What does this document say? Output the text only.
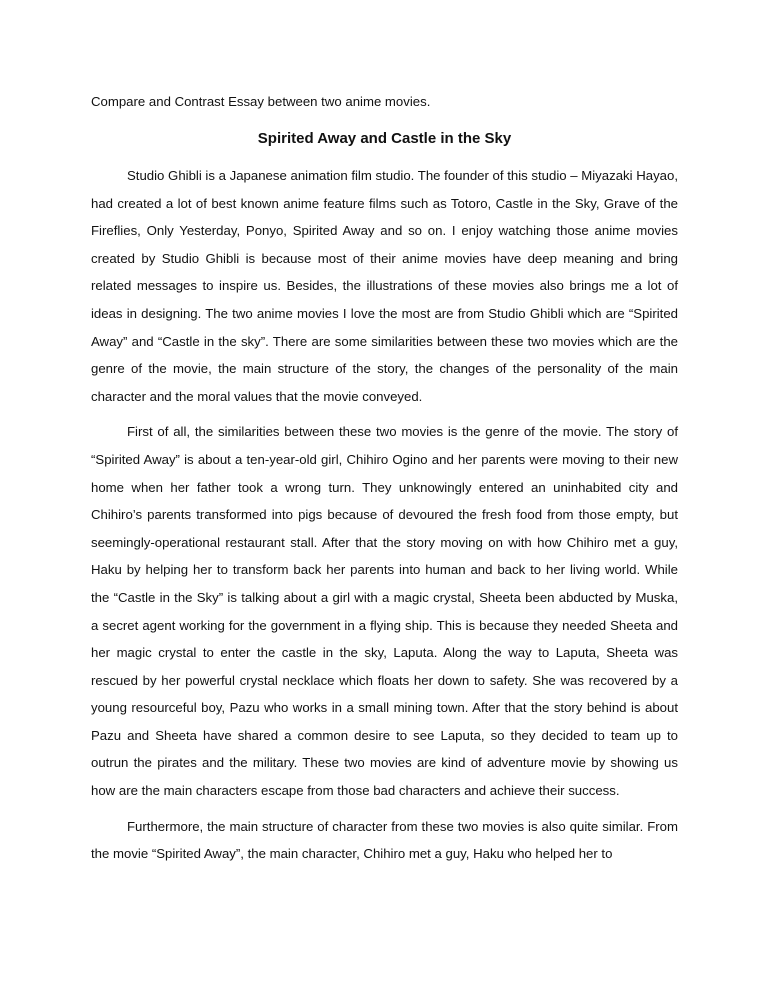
Compare and Contrast Essay between two anime movies.

Spirited Away and Castle in the Sky

Studio Ghibli is a Japanese animation film studio. The founder of this studio – Miyazaki Hayao, had created a lot of best known anime feature films such as Totoro, Castle in the Sky, Grave of the Fireflies, Only Yesterday, Ponyo, Spirited Away and so on. I enjoy watching those anime movies created by Studio Ghibli is because most of their anime movies have deep meaning and bring related messages to inspire us. Besides, the illustrations of these movies also brings me a lot of ideas in designing. The two anime movies I love the most are from Studio Ghibli which are “Spirited Away” and “Castle in the sky”. There are some similarities between these two movies which are the genre of the movie, the main structure of the story, the changes of the personality of the main character and the moral values that the movie conveyed.

First of all, the similarities between these two movies is the genre of the movie. The story of “Spirited Away” is about a ten-year-old girl, Chihiro Ogino and her parents were moving to their new home when her father took a wrong turn. They unknowingly entered an uninhabited city and Chihiro’s parents transformed into pigs because of devoured the fresh food from those empty, but seemingly-operational restaurant stall. After that the story moving on with how Chihiro met a guy, Haku by helping her to transform back her parents into human and back to her living world. While the “Castle in the Sky” is talking about a girl with a magic crystal, Sheeta been abducted by Muska, a secret agent working for the government in a flying ship. This is because they needed Sheeta and her magic crystal to enter the castle in the sky, Laputa. Along the way to Laputa, Sheeta was rescued by her powerful crystal necklace which floats her down to safety. She was recovered by a young resourceful boy, Pazu who works in a small mining town. After that the story behind is about Pazu and Sheeta have shared a common desire to see Laputa, so they decided to team up to outrun the pirates and the military. These two movies are kind of adventure movie by showing us how are the main characters escape from those bad characters and achieve their success.

Furthermore, the main structure of character from these two movies is also quite similar. From the movie “Spirited Away”, the main character, Chihiro met a guy, Haku who helped her to
